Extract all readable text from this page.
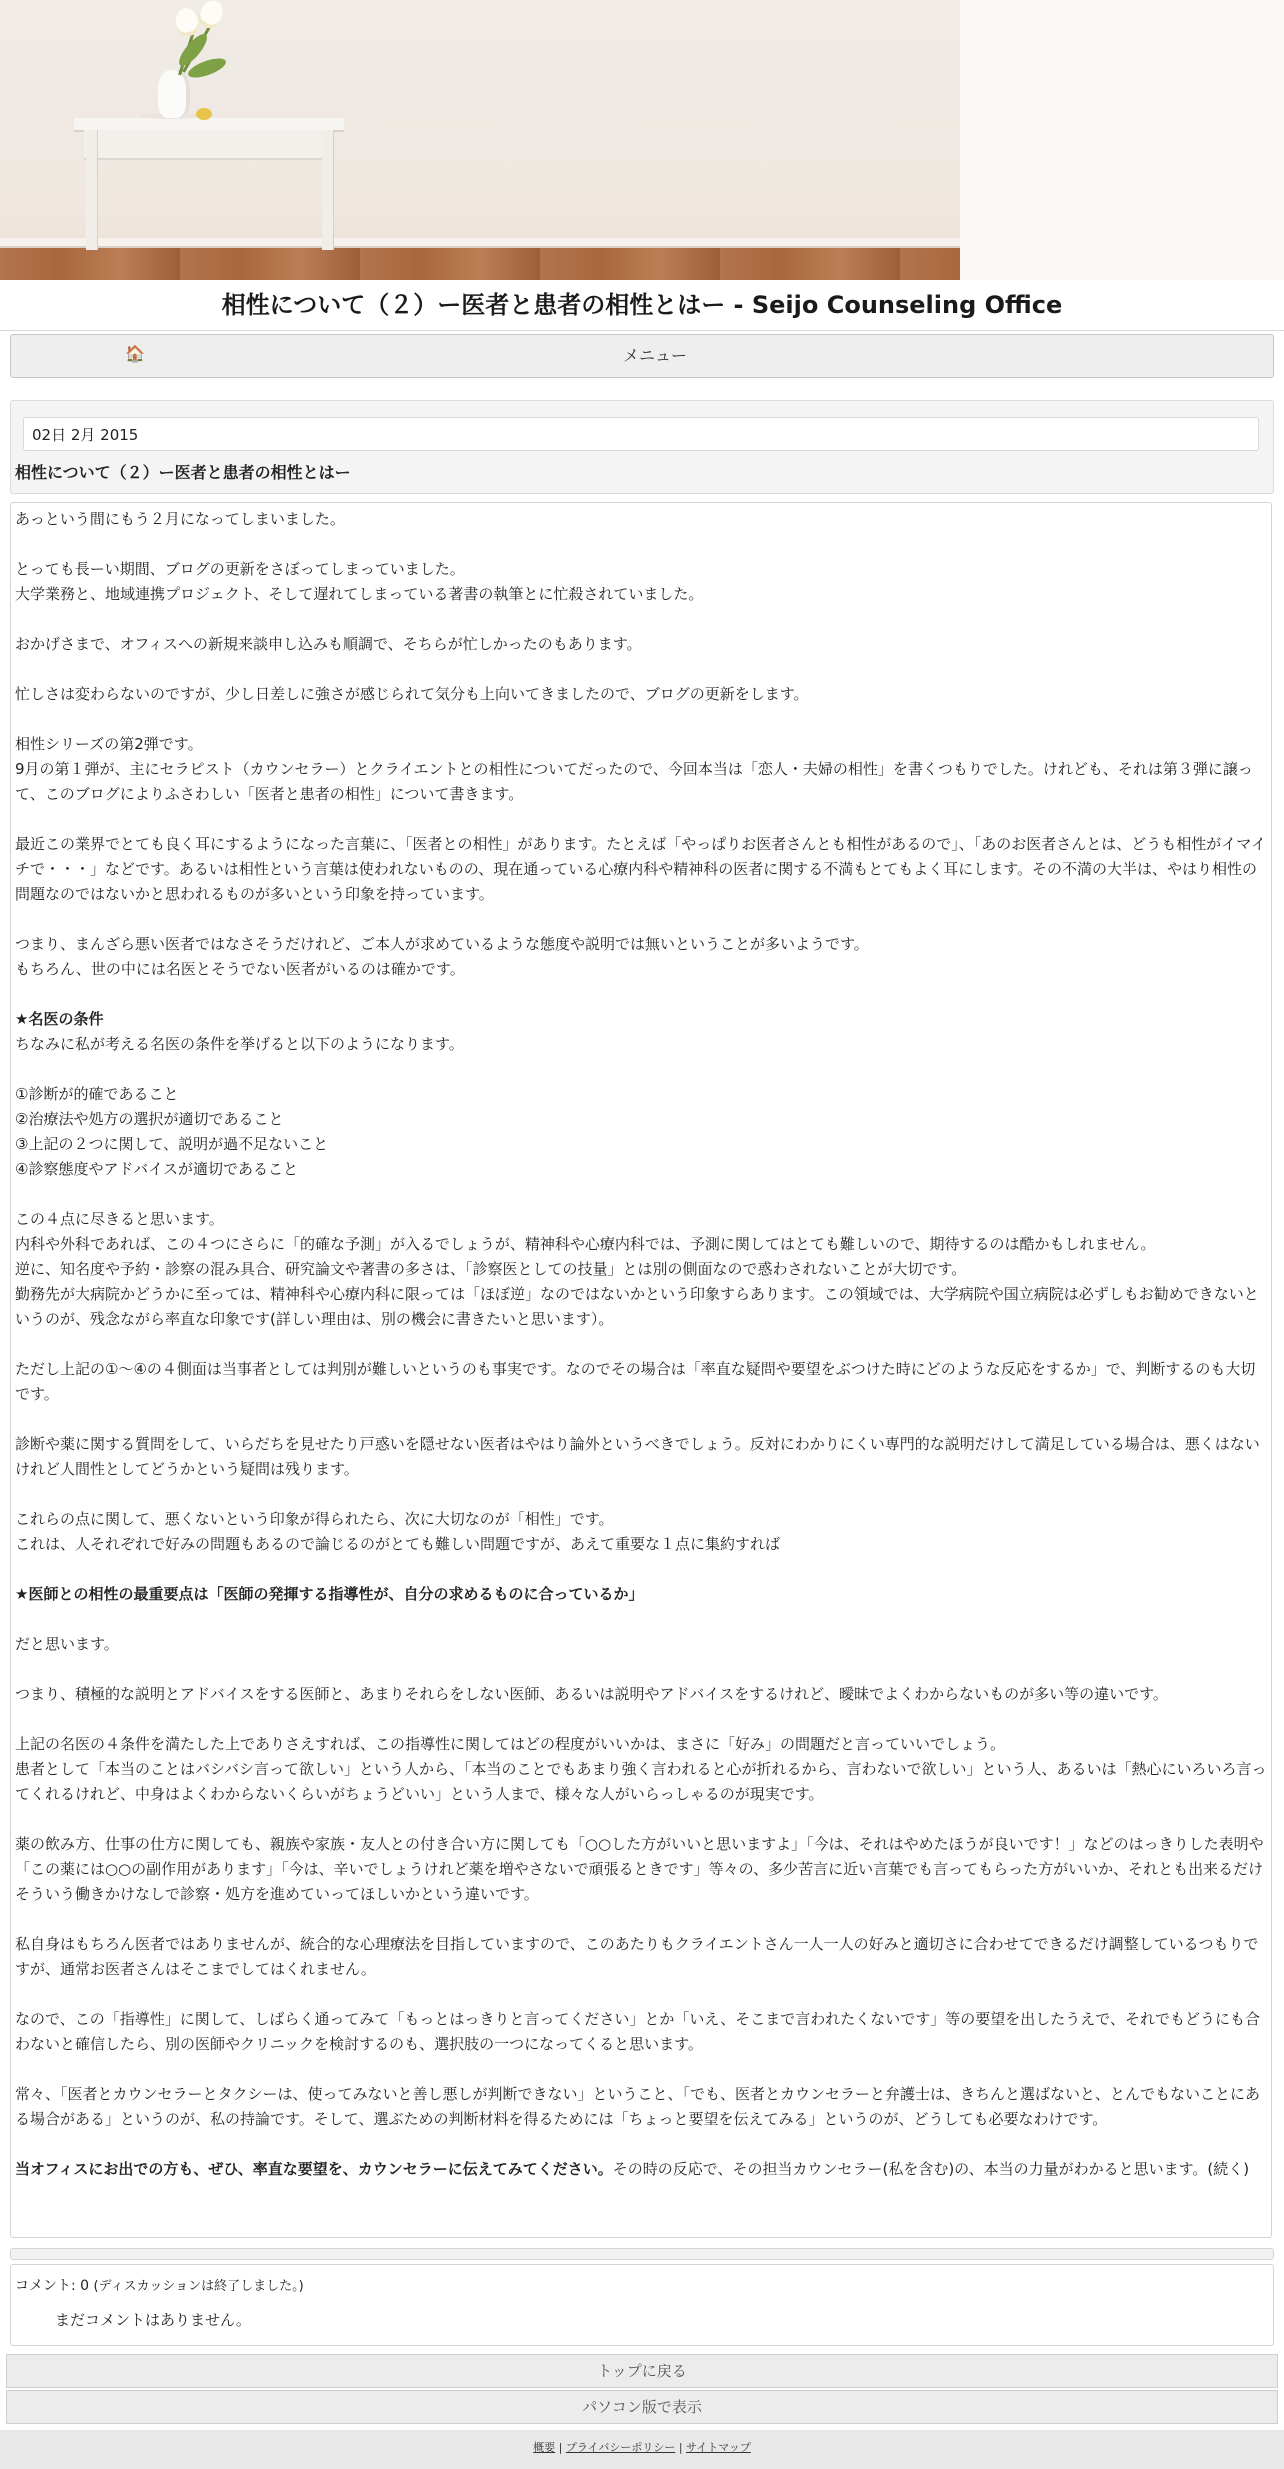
相性について（２）ー医者と患者の相性とはー - Seijo Counseling Office
🏠	メニュー
02日 2月 2015
相性について（２）ー医者と患者の相性とはー

あっという間にもう２月になってしまいました。

とっても長ーい期間、ブログの更新をさぼってしまっていました。
大学業務と、地域連携プロジェクト、そして遅れてしまっている著書の執筆とに忙殺されていました。

おかげさまで、オフィスへの新規来談申し込みも順調で、そちらが忙しかったのもあります。

忙しさは変わらないのですが、少し日差しに強さが感じられて気分も上向いてきましたので、ブログの更新をします。

相性シリーズの第2弾です。
9月の第１弾が、主にセラピスト（カウンセラー）とクライエントとの相性についてだったので、今回本当は「恋人・夫婦の相性」を書くつもりでした。けれども、それは第３弾に譲って、このブログによりふさわしい「医者と患者の相性」について書きます。

最近この業界でとても良く耳にするようになった言葉に、「医者との相性」があります。たとえば「やっぱりお医者さんとも相性があるので」、「あのお医者さんとは、どうも相性がイマイチで・・・」などです。あるいは相性という言葉は使われないものの、現在通っている心療内科や精神科の医者に関する不満もとてもよく耳にします。その不満の大半は、やはり相性の問題なのではないかと思われるものが多いという印象を持っています。

つまり、まんざら悪い医者ではなさそうだけれど、ご本人が求めているような態度や説明では無いということが多いようです。
もちろん、世の中には名医とそうでない医者がいるのは確かです。

★名医の条件
ちなみに私が考える名医の条件を挙げると以下のようになります。

①診断が的確であること
②治療法や処方の選択が適切であること
③上記の２つに関して、説明が過不足ないこと
④診察態度やアドバイスが適切であること

この４点に尽きると思います。
内科や外科であれば、この４つにさらに「的確な予測」が入るでしょうが、精神科や心療内科では、予測に関してはとても難しいので、期待するのは酷かもしれません。
逆に、知名度や予約・診察の混み具合、研究論文や著書の多さは、「診察医としての技量」とは別の側面なので惑わされないことが大切です。
勤務先が大病院かどうかに至っては、精神科や心療内科に限っては「ほぼ逆」なのではないかという印象すらあります。この領域では、大学病院や国立病院は必ずしもお勧めできないというのが、残念ながら率直な印象です(詳しい理由は、別の機会に書きたいと思います）。

ただし上記の①～④の４側面は当事者としては判別が難しいというのも事実です。なのでその場合は「率直な疑問や要望をぶつけた時にどのような反応をするか」で、判断するのも大切です。

診断や薬に関する質問をして、いらだちを見せたり戸惑いを隠せない医者はやはり論外というべきでしょう。反対にわかりにくい専門的な説明だけして満足している場合は、悪くはないけれど人間性としてどうかという疑問は残ります。

これらの点に関して、悪くないという印象が得られたら、次に大切なのが「相性」です。
これは、人それぞれで好みの問題もあるので論じるのがとても難しい問題ですが、あえて重要な１点に集約すれば

★医師との相性の最重要点は「医師の発揮する指導性が、自分の求めるものに合っているか」

だと思います。

つまり、積極的な説明とアドバイスをする医師と、あまりそれらをしない医師、あるいは説明やアドバイスをするけれど、曖昧でよくわからないものが多い等の違いです。

上記の名医の４条件を満たした上でありさえすれば、この指導性に関してはどの程度がいいかは、まさに「好み」の問題だと言っていいでしょう。
患者として「本当のことはバシバシ言って欲しい」という人から、「本当のことでもあまり強く言われると心が折れるから、言わないで欲しい」という人、あるいは「熱心にいろいろ言ってくれるけれど、中身はよくわからないくらいがちょうどいい」という人まで、様々な人がいらっしゃるのが現実です。

薬の飲み方、仕事の仕方に関しても、親族や家族・友人との付き合い方に関しても「○○した方がいいと思いますよ」「今は、それはやめたほうが良いです！」などのはっきりした表明や「この薬には○○の副作用があります」「今は、辛いでしょうけれど薬を増やさないで頑張るときです」等々の、多少苦言に近い言葉でも言ってもらった方がいいか、それとも出来るだけそういう働きかけなしで診察・処方を進めていってほしいかという違いです。

私自身はもちろん医者ではありませんが、統合的な心理療法を目指していますので、このあたりもクライエントさん一人一人の好みと適切さに合わせてできるだけ調整しているつもりですが、通常お医者さんはそこまでしてはくれません。

なので、この「指導性」に関して、しばらく通ってみて「もっとはっきりと言ってください」とか「いえ、そこまで言われたくないです」等の要望を出したうえで、それでもどうにも合わないと確信したら、別の医師やクリニックを検討するのも、選択肢の一つになってくると思います。

常々、「医者とカウンセラーとタクシーは、使ってみないと善し悪しが判断できない」ということ、「でも、医者とカウンセラーと弁護士は、きちんと選ばないと、とんでもないことにある場合がある」というのが、私の持論です。そして、選ぶための判断材料を得るためには「ちょっと要望を伝えてみる」というのが、どうしても必要なわけです。

当オフィスにお出での方も、ぜひ、率直な要望を、カウンセラーに伝えてみてください。その時の反応で、その担当カウンセラー(私を含む)の、本当の力量がわかると思います。(続く)

コメント: 0 (ディスカッションは終了しました。)
まだコメントはありません。
トップに戻る
パソコン版で表示
概要 | プライバシーポリシー | サイトマップ
